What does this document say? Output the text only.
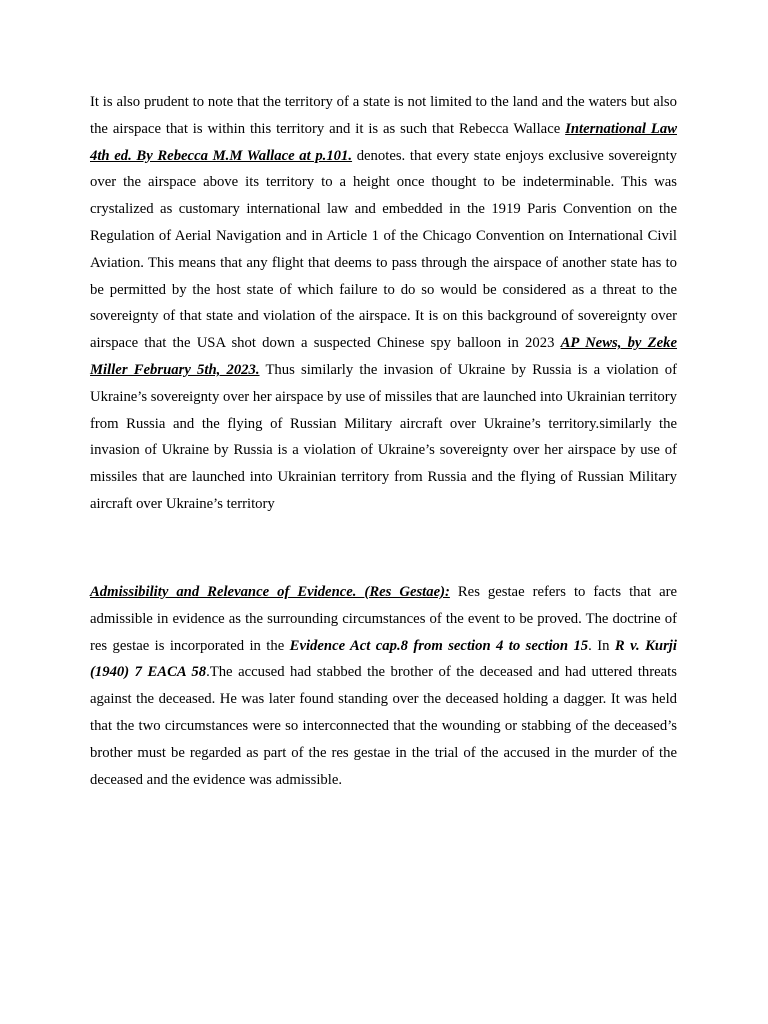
It is also prudent to note that the territory of a state is not limited to the land and the waters but also the airspace that is within this territory and it is as such that Rebecca Wallace International Law 4th ed. By Rebecca M.M Wallace at p.101. denotes. that every state enjoys exclusive sovereignty over the airspace above its territory to a height once thought to be indeterminable. This was crystalized as customary international law and embedded in the 1919 Paris Convention on the Regulation of Aerial Navigation and in Article 1 of the Chicago Convention on International Civil Aviation. This means that any flight that deems to pass through the airspace of another state has to be permitted by the host state of which failure to do so would be considered as a threat to the sovereignty of that state and violation of the airspace. It is on this background of sovereignty over airspace that the USA shot down a suspected Chinese spy balloon in 2023 AP News, by Zeke Miller February 5th, 2023. Thus similarly the invasion of Ukraine by Russia is a violation of Ukraine’s sovereignty over her airspace by use of missiles that are launched into Ukrainian territory from Russia and the flying of Russian Military aircraft over Ukraine’s territory.similarly the invasion of Ukraine by Russia is a violation of Ukraine’s sovereignty over her airspace by use of missiles that are launched into Ukrainian territory from Russia and the flying of Russian Military aircraft over Ukraine’s territory

Admissibility and Relevance of Evidence. (Res Gestae): Res gestae refers to facts that are admissible in evidence as the surrounding circumstances of the event to be proved. The doctrine of res gestae is incorporated in the Evidence Act cap.8 from section 4 to section 15. In R v. Kurji (1940) 7 EACA 58.The accused had stabbed the brother of the deceased and had uttered threats against the deceased. He was later found standing over the deceased holding a dagger. It was held that the two circumstances were so interconnected that the wounding or stabbing of the deceased’s brother must be regarded as part of the res gestae in the trial of the accused in the murder of the deceased and the evidence was admissible.
